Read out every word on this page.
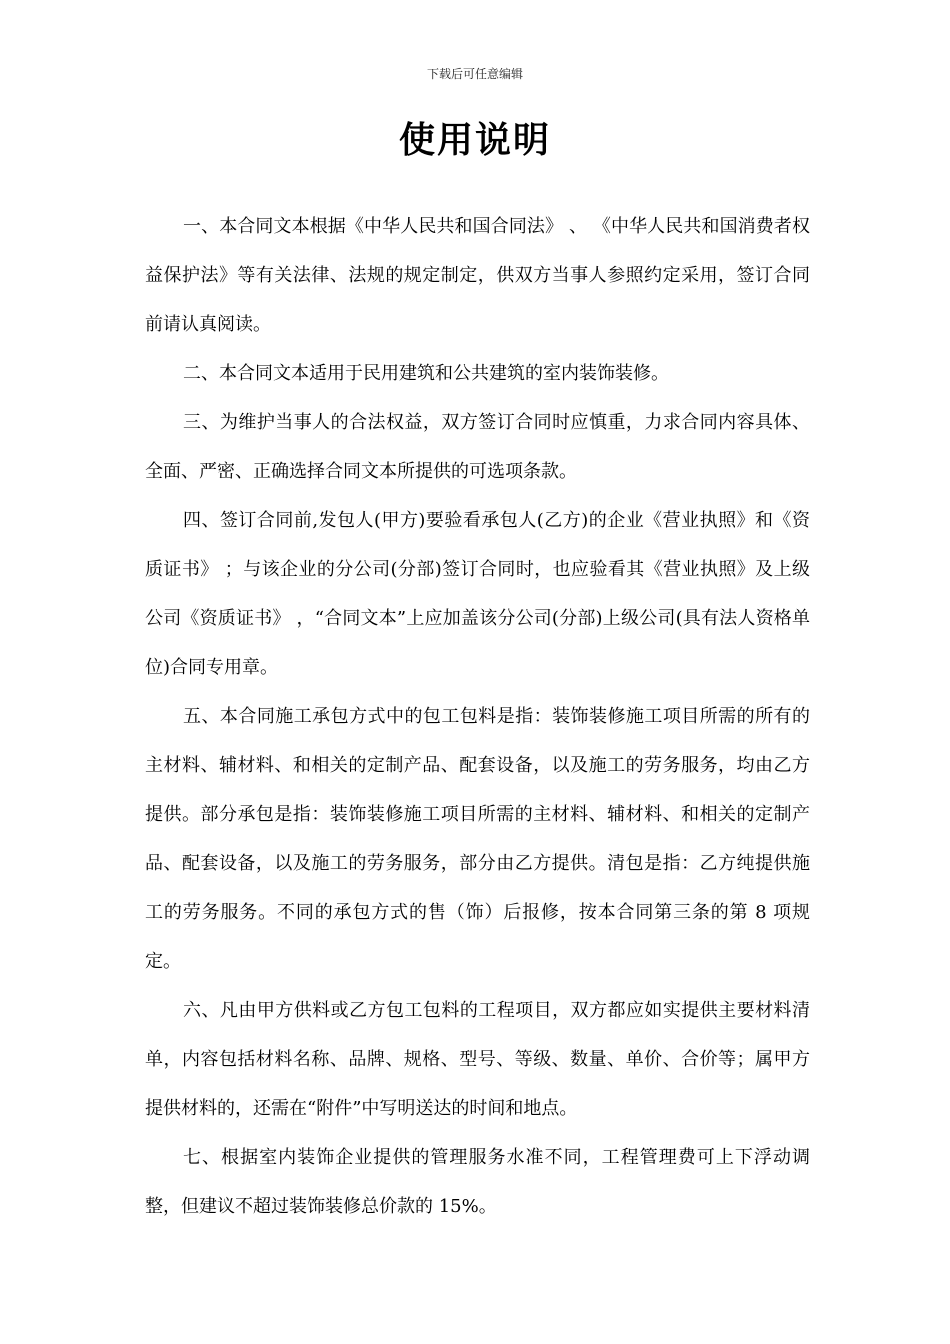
下载后可任意编辑
使用说明

一、本合同文本根据《中华人民共和国合同法》 、 《中华人民共和国消费者权益保护法》等有关法律、法规的规定制定，供双方当事人参照约定采用，签订合同前请认真阅读。

二、本合同文本适用于民用建筑和公共建筑的室内装饰装修。

三、为维护当事人的合法权益，双方签订合同时应慎重，力求合同内容具体、全面、严密、正确选择合同文本所提供的可选项条款。

四、签订合同前,发包人(甲方)要验看承包人(乙方)的企业《营业执照》和《资质证书》 ；与该企业的分公司(分部)签订合同时，也应验看其《营业执照》及上级公司《资质证书》 ，“合同文本”上应加盖该分公司(分部)上级公司(具有法人资格单位)合同专用章。

五、本合同施工承包方式中的包工包料是指：装饰装修施工项目所需的所有的主材料、辅材料、和相关的定制产品、配套设备，以及施工的劳务服务，均由乙方提供。部分承包是指：装饰装修施工项目所需的主材料、辅材料、和相关的定制产品、配套设备，以及施工的劳务服务，部分由乙方提供。清包是指：乙方纯提供施工的劳务服务。不同的承包方式的售（饰）后报修，按本合同第三条的第 8 项规定。

六、凡由甲方供料或乙方包工包料的工程项目，双方都应如实提供主要材料清单，内容包括材料名称、品牌、规格、型号、等级、数量、单价、合价等；属甲方提供材料的，还需在“附件”中写明送达的时间和地点。

七、根据室内装饰企业提供的管理服务水准不同，工程管理费可上下浮动调整，但建议不超过装饰装修总价款的 15%。
